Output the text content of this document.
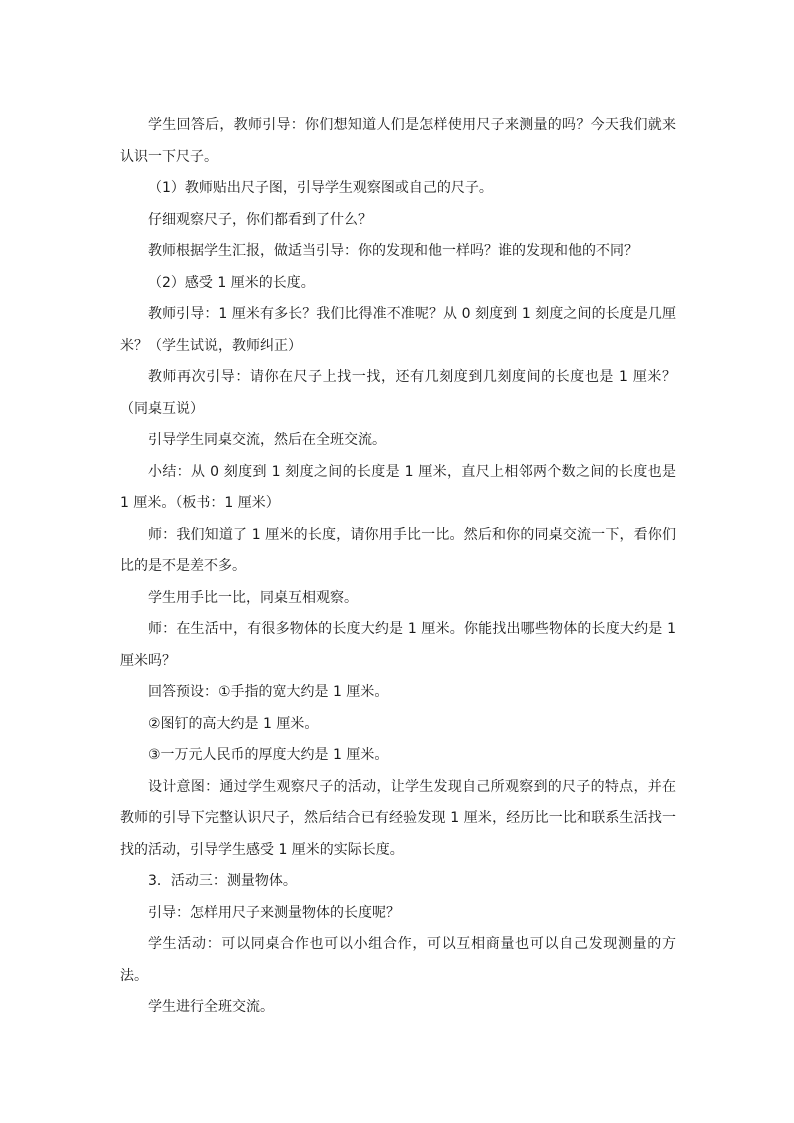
学生回答后，教师引导：你们想知道人们是怎样使用尺子来测量的吗？今天我们就来认识一下尺子。

（1）教师贴出尺子图，引导学生观察图或自己的尺子。

仔细观察尺子，你们都看到了什么？

教师根据学生汇报，做适当引导：你的发现和他一样吗？谁的发现和他的不同？

（2）感受 1 厘米的长度。

教师引导：1 厘米有多长？我们比得准不准呢？从 0 刻度到 1 刻度之间的长度是几厘米？（学生试说，教师纠正）

教师再次引导：请你在尺子上找一找，还有几刻度到几刻度间的长度也是 1 厘米？（同桌互说）

引导学生同桌交流，然后在全班交流。

小结：从 0 刻度到 1 刻度之间的长度是 1 厘米，直尺上相邻两个数之间的长度也是 1 厘米。（板书：1 厘米）

师：我们知道了 1 厘米的长度，请你用手比一比。然后和你的同桌交流一下，看你们比的是不是差不多。

学生用手比一比，同桌互相观察。

师：在生活中，有很多物体的长度大约是 1 厘米。你能找出哪些物体的长度大约是 1 厘米吗？

回答预设：①手指的宽大约是 1 厘米。

②图钉的高大约是 1 厘米。

③一万元人民币的厚度大约是 1 厘米。

设计意图：通过学生观察尺子的活动，让学生发现自己所观察到的尺子的特点，并在教师的引导下完整认识尺子，然后结合已有经验发现 1 厘米，经历比一比和联系生活找一找的活动，引导学生感受 1 厘米的实际长度。

3．活动三：测量物体。

引导：怎样用尺子来测量物体的长度呢？

学生活动：可以同桌合作也可以小组合作，可以互相商量也可以自己发现测量的方法。

学生进行全班交流。
